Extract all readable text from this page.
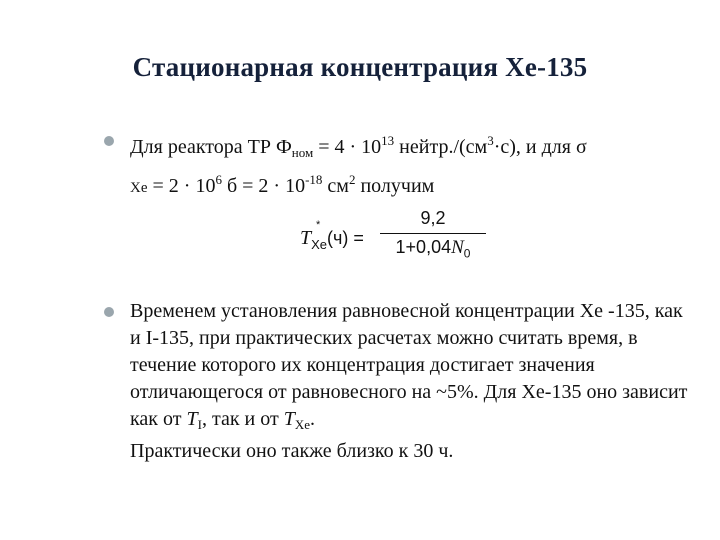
Стационарная концентрация Xe-135
Для реактора ТР $Ф_{ном} = 4 \cdot 10^{13}$ $нейтр./(см^3\cdot с)$, и для σ
$Xe = 2 \cdot 10^6$ $б = 2 \cdot 10^{-18}$ $см^2$ получим
$T_{Xe}(ч)$ =
*	9,2
$1+0,04N_0$
Временем установления равновесной концентрации Xe -135, как и I-135, при практических расчетах можно считать время, в течение которого их концентрация достигает значения отличающегося от равновесного на ~5%. Для Xe-135 оно зависит как от $T_I$, так и от $T_{Xe}$.
Практически оно также близко к 30 ч.
